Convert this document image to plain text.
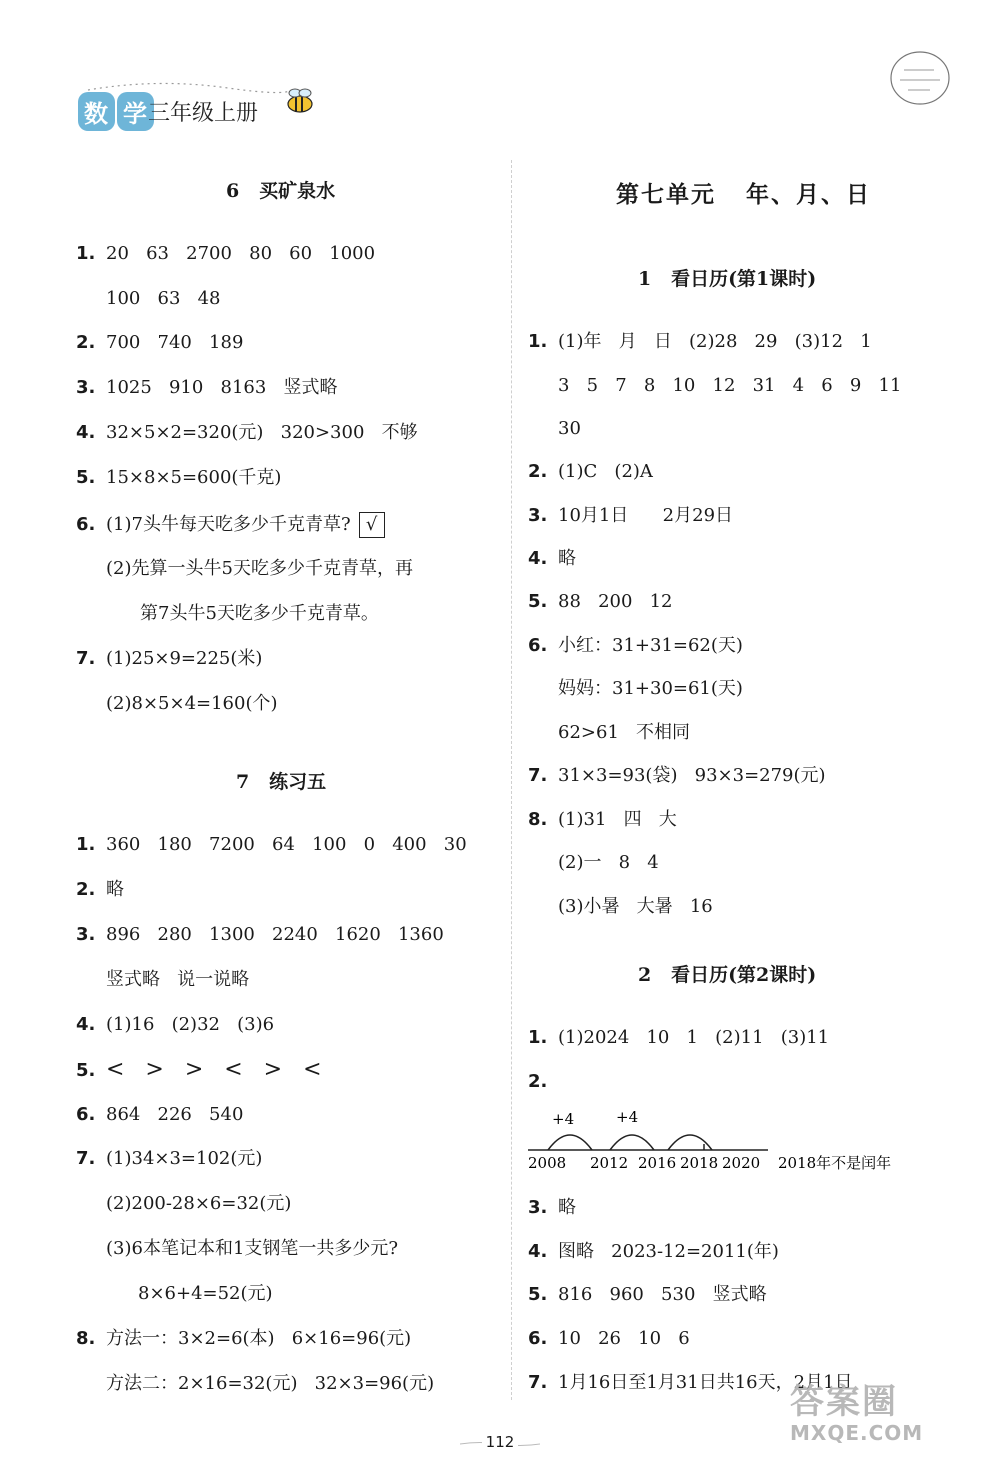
数 学 三年级上册
6   买矿泉水
1. 20   63   2700   80   60   1000
100   63   48
2. 700   740   189
3. 1025   910   8163   竖式略
4. 32×5×2=320(元)   320>300   不够
5. 15×8×5=600(千克)
6. (1)7头牛每天吃多少千克青草? √
(2)先算一头牛5天吃多少千克青草，再
第7头牛5天吃多少千克青草。
7. (1)25×9=225(米)
(2)8×5×4=160(个)
7   练习五
1. 360   180   7200   64   100   0   400   30
2. 略
3. 896   280   1300   2240   1620   1360
竖式略   说一说略
4. (1)16   (2)32   (3)6
5. <   >   >   <   >   <
6. 864   226   540
7. (1)34×3=102(元)
(2)200-28×6=32(元)
(3)6本笔记本和1支钢笔一共多少元?
8×6+4=52(元)
8. 方法一：3×2=6(本)   6×16=96(元)
方法二：2×16=32(元)   32×3=96(元)
第七单元   年、月、日
1   看日历(第1课时)
1. (1)年   月   日   (2)28   29   (3)12   1
3   5   7   8   10   12   31   4   6   9   11
30
2. (1)C   (2)A
3. 10月1日      2月29日
4. 略
5. 88   200   12
6. 小红：31+31=62(天)
妈妈：31+30=61(天)
62>61   不相同
7. 31×3=93(袋)   93×3=279(元)
8. (1)31   四   大
(2)一   8   4
(3)小暑   大暑   16
2   看日历(第2课时)
1. (1)2024   10   1   (2)11   (3)11
2.
+4	+4
2008 2012 2016 2018 2020 2018年不是闰年
3. 略
4. 图略   2023-12=2011(年)
5. 816   960   530   竖式略
6. 10   26   10   6
7. 1月16日至1月31日共16天，2月1日
112
答案圈
MXQE.COM
